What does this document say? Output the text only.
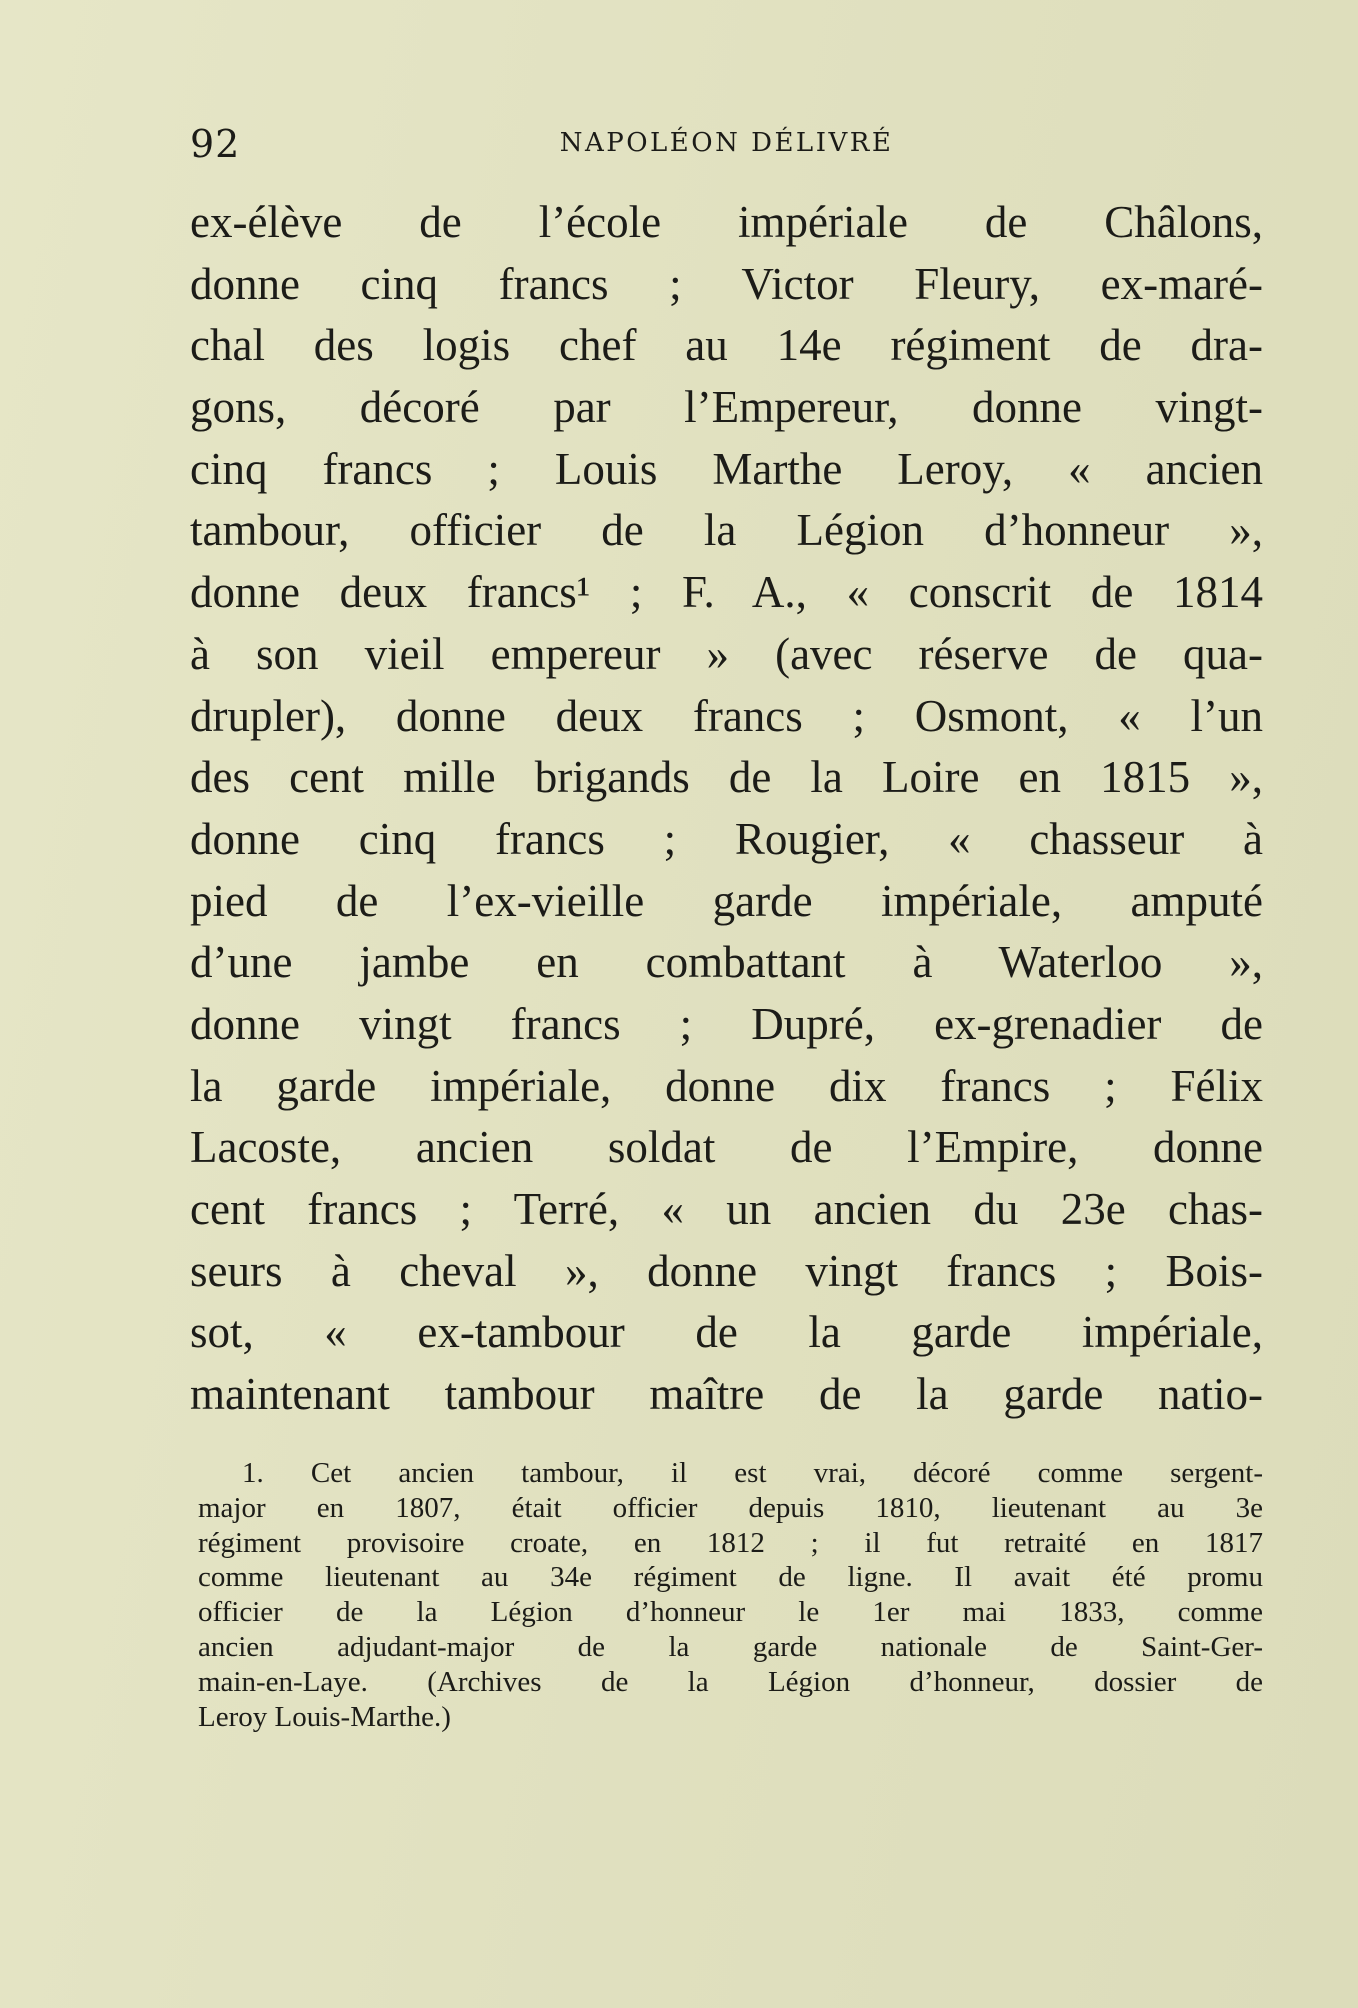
92	NAPOLÉON DÉLIVRÉ
ex-élève de l’école impériale de Châlons,
donne cinq francs ; Victor Fleury, ex-maré-
chal des logis chef au 14e régiment de dra-
gons, décoré par l’Empereur, donne vingt-
cinq francs ; Louis Marthe Leroy, « ancien
tambour, officier de la Légion d’honneur »,
donne deux francs¹ ; F. A., « conscrit de 1814
à son vieil empereur » (avec réserve de qua-
drupler), donne deux francs ; Osmont, « l’un
des cent mille brigands de la Loire en 1815 »,
donne cinq francs ; Rougier, « chasseur à
pied de l’ex-vieille garde impériale, amputé
d’une jambe en combattant à Waterloo »,
donne vingt francs ; Dupré, ex-grenadier de
la garde impériale, donne dix francs ; Félix
Lacoste, ancien soldat de l’Empire, donne
cent francs ; Terré, « un ancien du 23e chas-
seurs à cheval », donne vingt francs ; Bois-
sot, « ex-tambour de la garde impériale,
maintenant tambour maître de la garde natio-
1. Cet ancien tambour, il est vrai, décoré comme sergent-
major en 1807, était officier depuis 1810, lieutenant au 3e
régiment provisoire croate, en 1812 ; il fut retraité en 1817
comme lieutenant au 34e régiment de ligne. Il avait été promu
officier de la Légion d’honneur le 1er mai 1833, comme
ancien adjudant-major de la garde nationale de Saint-Ger-
main-en-Laye. (Archives de la Légion d’honneur, dossier de
Leroy Louis-Marthe.)
